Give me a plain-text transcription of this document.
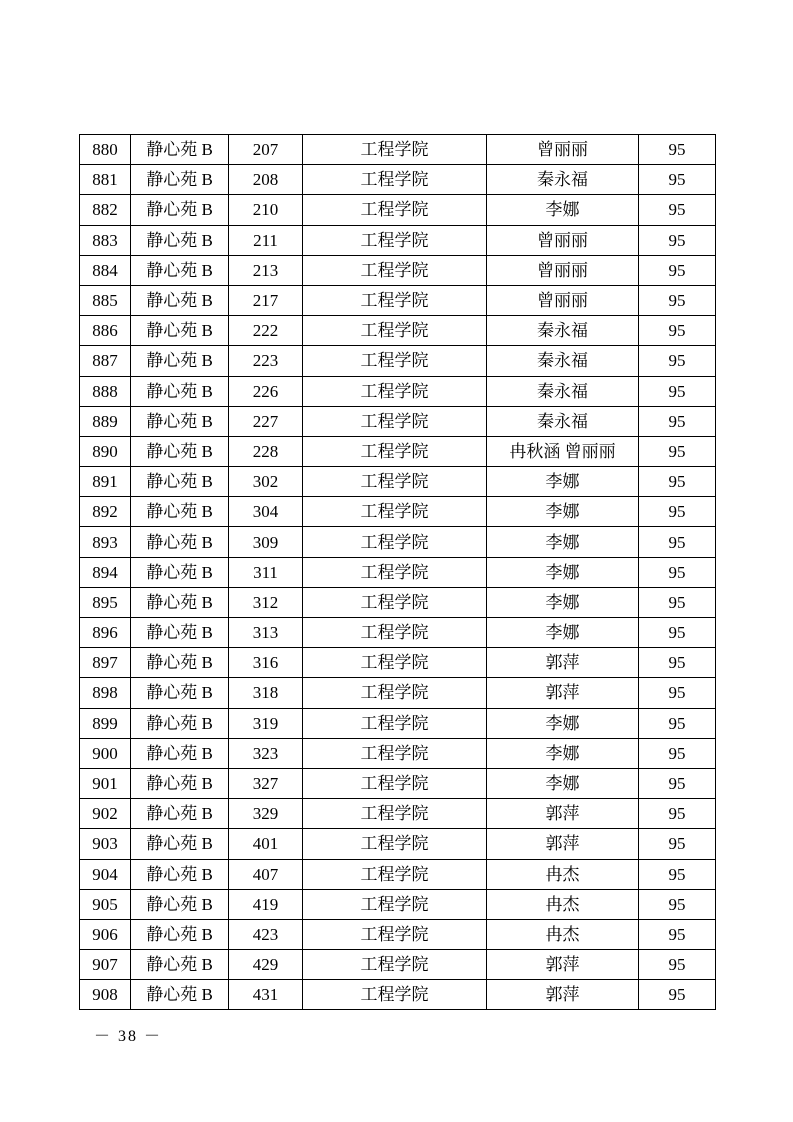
880	静心苑 B	207	工程学院	曾丽丽	95
881	静心苑 B	208	工程学院	秦永福	95
882	静心苑 B	210	工程学院	李娜	95
883	静心苑 B	211	工程学院	曾丽丽	95
884	静心苑 B	213	工程学院	曾丽丽	95
885	静心苑 B	217	工程学院	曾丽丽	95
886	静心苑 B	222	工程学院	秦永福	95
887	静心苑 B	223	工程学院	秦永福	95
888	静心苑 B	226	工程学院	秦永福	95
889	静心苑 B	227	工程学院	秦永福	95
890	静心苑 B	228	工程学院	冉秋涵 曾丽丽	95
891	静心苑 B	302	工程学院	李娜	95
892	静心苑 B	304	工程学院	李娜	95
893	静心苑 B	309	工程学院	李娜	95
894	静心苑 B	311	工程学院	李娜	95
895	静心苑 B	312	工程学院	李娜	95
896	静心苑 B	313	工程学院	李娜	95
897	静心苑 B	316	工程学院	郭萍	95
898	静心苑 B	318	工程学院	郭萍	95
899	静心苑 B	319	工程学院	李娜	95
900	静心苑 B	323	工程学院	李娜	95
901	静心苑 B	327	工程学院	李娜	95
902	静心苑 B	329	工程学院	郭萍	95
903	静心苑 B	401	工程学院	郭萍	95
904	静心苑 B	407	工程学院	冉杰	95
905	静心苑 B	419	工程学院	冉杰	95
906	静心苑 B	423	工程学院	冉杰	95
907	静心苑 B	429	工程学院	郭萍	95
908	静心苑 B	431	工程学院	郭萍	95
－ 38 －
